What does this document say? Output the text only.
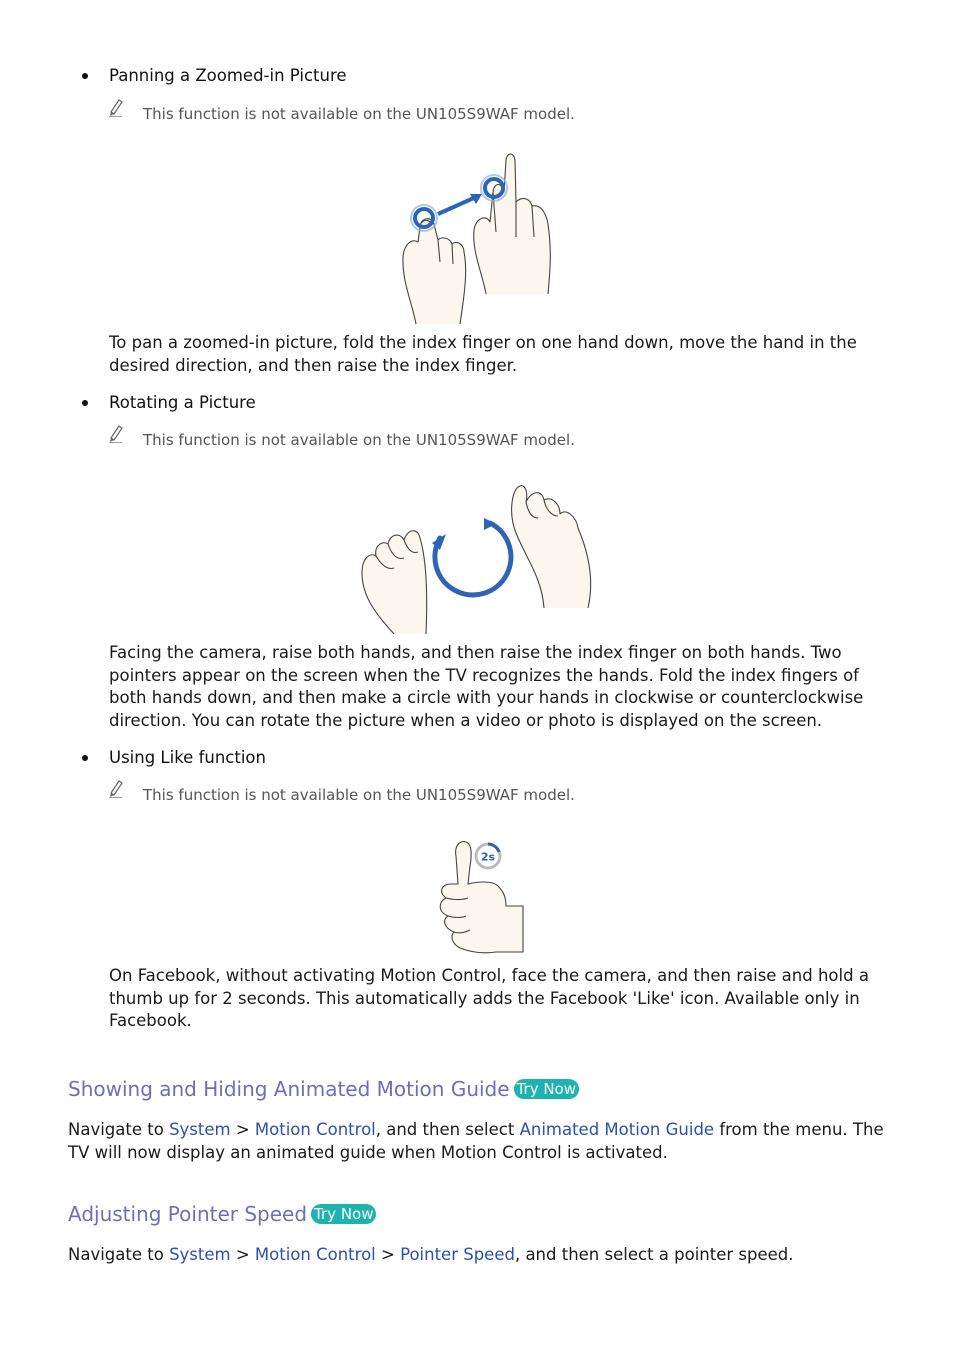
Panning a Zoomed-in Picture
This function is not available on the UN105S9WAF model.
To pan a zoomed-in picture, fold the index finger on one hand down, move the hand in the desired direction, and then raise the index finger.
Rotating a Picture
This function is not available on the UN105S9WAF model.
Facing the camera, raise both hands, and then raise the index finger on both hands. Two pointers appear on the screen when the TV recognizes the hands. Fold the index fingers of both hands down, and then make a circle with your hands in clockwise or counterclockwise direction. You can rotate the picture when a video or photo is displayed on the screen.
Using Like function
This function is not available on the UN105S9WAF model.
2s
On Facebook, without activating Motion Control, face the camera, and then raise and hold a thumb up for 2 seconds. This automatically adds the Facebook 'Like' icon. Available only in Facebook.
Showing and Hiding Animated Motion Guide Try Now
Navigate to System > Motion Control, and then select Animated Motion Guide from the menu. The TV will now display an animated guide when Motion Control is activated.
Adjusting Pointer Speed Try Now
Navigate to System > Motion Control > Pointer Speed, and then select a pointer speed.
